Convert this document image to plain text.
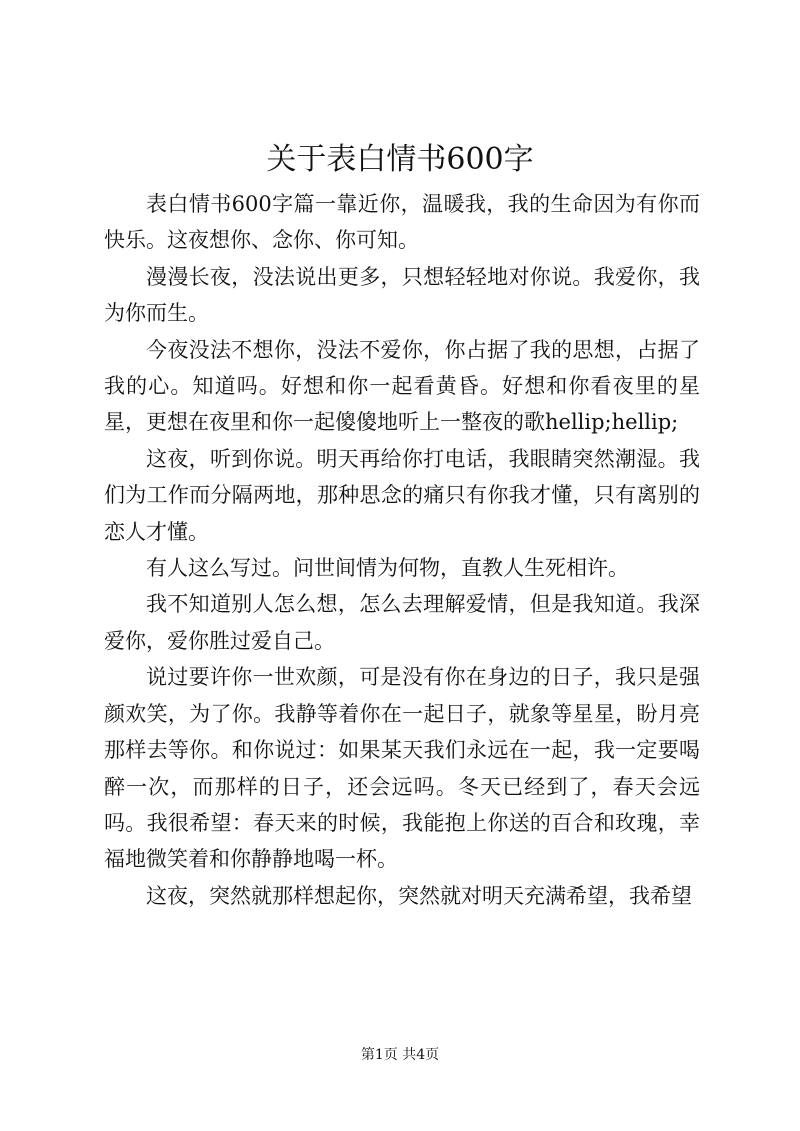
关于表白情书600字

表白情书600字篇一靠近你，温暖我，我的生命因为有你而快乐。这夜想你、念你、你可知。

漫漫长夜，没法说出更多，只想轻轻地对你说。我爱你，我为你而生。

今夜没法不想你，没法不爱你，你占据了我的思想，占据了我的心。知道吗。好想和你一起看黄昏。好想和你看夜里的星星，更想在夜里和你一起傻傻地听上一整夜的歌hellip;hellip;

这夜，听到你说。明天再给你打电话，我眼睛突然潮湿。我们为工作而分隔两地，那种思念的痛只有你我才懂，只有离别的恋人才懂。

有人这么写过。问世间情为何物，直教人生死相许。

我不知道别人怎么想，怎么去理解爱情，但是我知道。我深爱你，爱你胜过爱自己。

说过要许你一世欢颜，可是没有你在身边的日子，我只是强颜欢笑，为了你。我静等着你在一起日子，就象等星星，盼月亮那样去等你。和你说过：如果某天我们永远在一起，我一定要喝醉一次，而那样的日子，还会远吗。冬天已经到了，春天会远吗。我很希望：春天来的时候，我能抱上你送的百合和玫瑰，幸福地微笑着和你静静地喝一杯。

这夜，突然就那样想起你，突然就对明天充满希望，我希望

第1页 共4页
